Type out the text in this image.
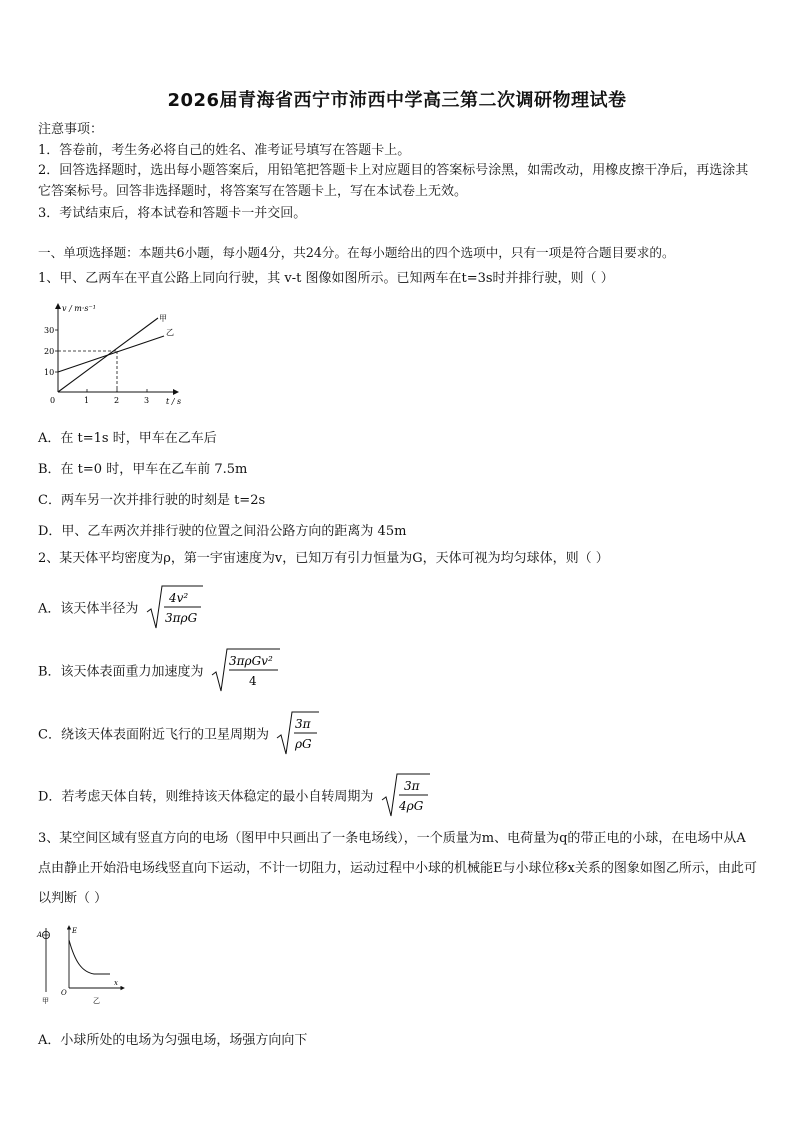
2026届青海省西宁市沛西中学高三第二次调研物理试卷
注意事项：
1．答卷前，考生务必将自己的姓名、准考证号填写在答题卡上。
2．回答选择题时，选出每小题答案后，用铅笔把答题卡上对应题目的答案标号涂黑，如需改动，用橡皮擦干净后，再选涂其它答案标号。回答非选择题时，将答案写在答题卡上，写在本试卷上无效。
3．考试结束后，将本试卷和答题卡一并交回。
一、单项选择题：本题共6小题，每小题4分，共24分。在每小题给出的四个选项中，只有一项是符合题目要求的。
1、甲、乙两车在平直公路上同向行驶，其 v-t 图像如图所示。已知两车在t=3s时并排行驶，则（ ）
v / m·s⁻¹
t / s
0
10
20
30
1	2	3
甲
乙
A．在 t=1s 时，甲车在乙车后
B．在 t=0 时，甲车在乙车前 7.5m
C．两车另一次并排行驶的时刻是 t=2s
D．甲、乙车两次并排行驶的位置之间沿公路方向的距离为 45m
2、某天体平均密度为ρ，第一宇宙速度为v，已知万有引力恒量为G，天体可视为均匀球体，则（ ）
A．该天体半径为
4v²
3πρG
B．该天体表面重力加速度为
3πρGv²
4
C．绕该天体表面附近飞行的卫星周期为
3π
ρG
D．若考虑天体自转，则维持该天体稳定的最小自转周期为
3π
4ρG
3、某空间区域有竖直方向的电场（图甲中只画出了一条电场线），一个质量为m、电荷量为q的带正电的小球，在电场中从A点由静止开始沿电场线竖直向下运动，不计一切阻力，运动过程中小球的机械能E与小球位移x关系的图象如图乙所示，由此可以判断（ ）
A
甲
E
x
O
乙
A．小球所处的电场为匀强电场，场强方向向下
